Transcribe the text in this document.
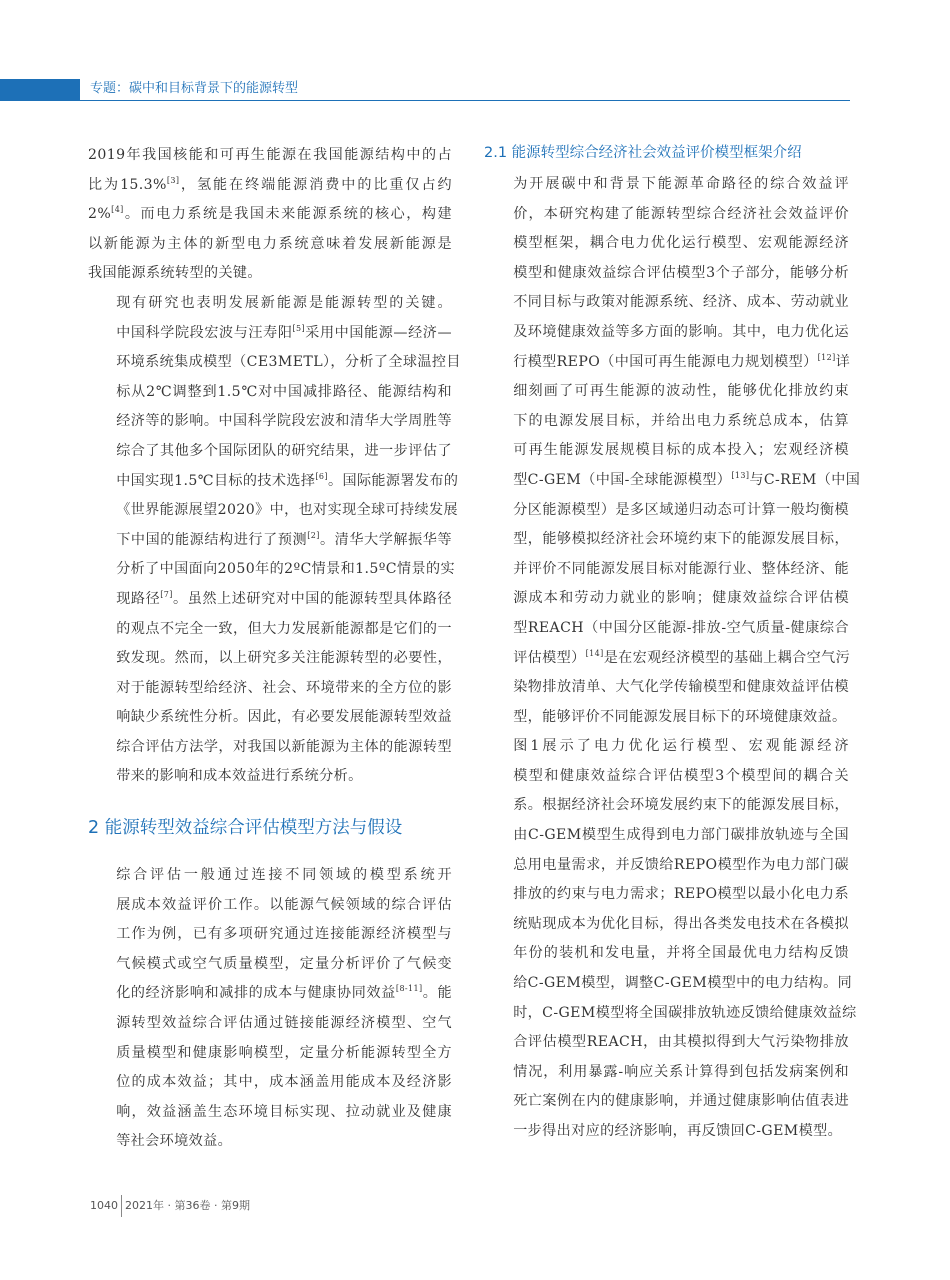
专题：碳中和目标背景下的能源转型
2019年我国核能和可再生能源在我国能源结构中的占
比为15.3%[3]，氢能在终端能源消费中的比重仅占约
2%[4]。而电力系统是我国未来能源系统的核心，构建
以新能源为主体的新型电力系统意味着发展新能源是
我国能源系统转型的关键。
现有研究也表明发展新能源是能源转型的关键。
中国科学院段宏波与汪寿阳[5]采用中国能源—经济—
环境系统集成模型（CE3METL），分析了全球温控目
标从2℃调整到1.5℃对中国减排路径、能源结构和
经济等的影响。中国科学院段宏波和清华大学周胜等
综合了其他多个国际团队的研究结果，进一步评估了
中国实现1.5℃目标的技术选择[6]。国际能源署发布的
《世界能源展望2020》中，也对实现全球可持续发展
下中国的能源结构进行了预测[2]。清华大学解振华等
分析了中国面向2050年的2ºC情景和1.5ºC情景的实
现路径[7]。虽然上述研究对中国的能源转型具体路径
的观点不完全一致，但大力发展新能源都是它们的一
致发现。然而，以上研究多关注能源转型的必要性，
对于能源转型给经济、社会、环境带来的全方位的影
响缺少系统性分析。因此，有必要发展能源转型效益
综合评估方法学，对我国以新能源为主体的能源转型
带来的影响和成本效益进行系统分析。
2 能源转型效益综合评估模型方法与假设
综合评估一般通过连接不同领域的模型系统开
展成本效益评价工作。以能源气候领域的综合评估
工作为例，已有多项研究通过连接能源经济模型与
气候模式或空气质量模型，定量分析评价了气候变
化的经济影响和减排的成本与健康协同效益[8-11]。能
源转型效益综合评估通过链接能源经济模型、空气
质量模型和健康影响模型，定量分析能源转型全方
位的成本效益；其中，成本涵盖用能成本及经济影
响，效益涵盖生态环境目标实现、拉动就业及健康
等社会环境效益。
2.1 能源转型综合经济社会效益评价模型框架介绍
为开展碳中和背景下能源革命路径的综合效益评
价，本研究构建了能源转型综合经济社会效益评价
模型框架，耦合电力优化运行模型、宏观能源经济
模型和健康效益综合评估模型3个子部分，能够分析
不同目标与政策对能源系统、经济、成本、劳动就业
及环境健康效益等多方面的影响。其中，电力优化运
行模型REPO（中国可再生能源电力规划模型）[12]详
细刻画了可再生能源的波动性，能够优化排放约束
下的电源发展目标，并给出电力系统总成本，估算
可再生能源发展规模目标的成本投入；宏观经济模
型C-GEM（中国-全球能源模型）[13]与C-REM（中国
分区能源模型）是多区域递归动态可计算一般均衡模
型，能够模拟经济社会环境约束下的能源发展目标，
并评价不同能源发展目标对能源行业、整体经济、能
源成本和劳动力就业的影响；健康效益综合评估模
型REACH（中国分区能源-排放-空气质量-健康综合
评估模型）[14]是在宏观经济模型的基础上耦合空气污
染物排放清单、大气化学传输模型和健康效益评估模
型，能够评价不同能源发展目标下的环境健康效益。
图1展示了电力优化运行模型、宏观能源经济
模型和健康效益综合评估模型3个模型间的耦合关
系。根据经济社会环境发展约束下的能源发展目标，
由C-GEM模型生成得到电力部门碳排放轨迹与全国
总用电量需求，并反馈给REPO模型作为电力部门碳
排放的约束与电力需求；REPO模型以最小化电力系
统贴现成本为优化目标，得出各类发电技术在各模拟
年份的装机和发电量，并将全国最优电力结构反馈
给C-GEM模型，调整C-GEM模型中的电力结构。同
时，C-GEM模型将全国碳排放轨迹反馈给健康效益综
合评估模型REACH，由其模拟得到大气污染物排放
情况，利用暴露-响应关系计算得到包括发病案例和
死亡案例在内的健康影响，并通过健康影响估值表进
一步得出对应的经济影响，再反馈回C-GEM模型。
1040 2021年 · 第36卷 · 第9期
